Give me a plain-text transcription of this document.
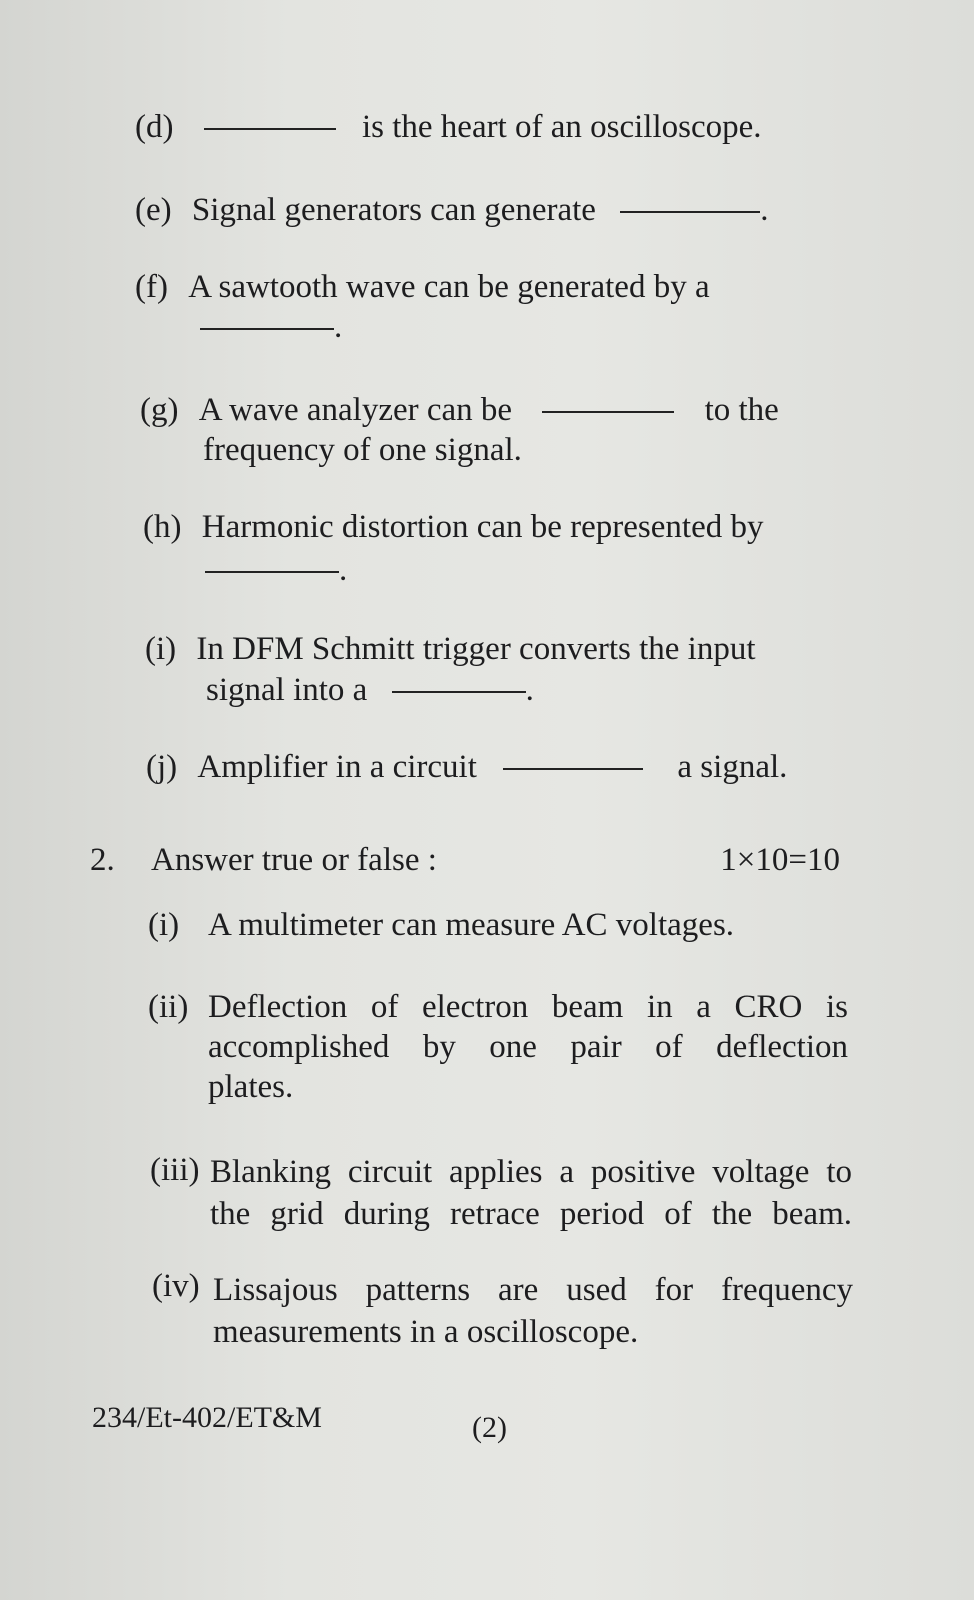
(d)	is the heart of an oscilloscope.
(e) Signal generators can generate	.
(f) A sawtooth wave can be generated by a
.
(g) A wave analyzer can be	to the
frequency of one signal.
(h) Harmonic distortion can be represented by
.
(i) In DFM Schmitt trigger converts the input
signal into a	.
(j) Amplifier in a circuit	a signal.
2. Answer true or false :	1×10=10
(i) A multimeter can measure AC voltages.
(ii) Deflection of electron beam in a CRO is
accomplished by one pair of deflection
plates.
(iii) Blanking circuit applies a positive voltage to
the grid during retrace period of the beam.
(iv) Lissajous patterns are used for frequency
measurements in a oscilloscope.
234/Et-402/ET&M	(2)
